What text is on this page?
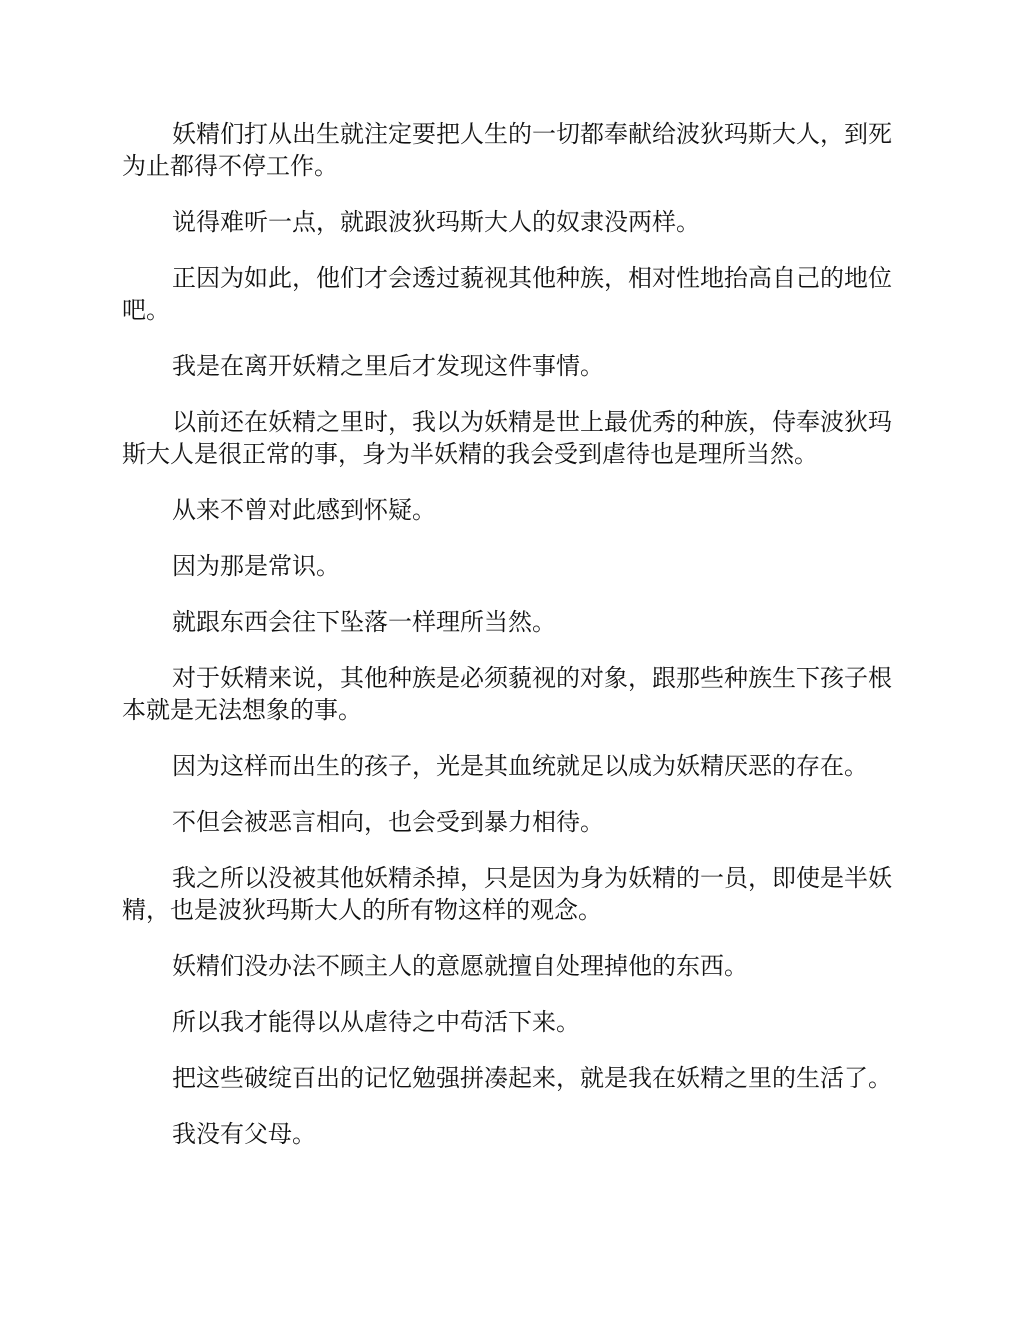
妖精们打从出生就注定要把人生的一切都奉献给波狄玛斯大人，到死为止都得不停工作。

说得难听一点，就跟波狄玛斯大人的奴隶没两样。

正因为如此，他们才会透过藐视其他种族，相对性地抬高自己的地位吧。

我是在离开妖精之里后才发现这件事情。

以前还在妖精之里时，我以为妖精是世上最优秀的种族，侍奉波狄玛斯大人是很正常的事，身为半妖精的我会受到虐待也是理所当然。

从来不曾对此感到怀疑。

因为那是常识。

就跟东西会往下坠落一样理所当然。

对于妖精来说，其他种族是必须藐视的对象，跟那些种族生下孩子根本就是无法想象的事。

因为这样而出生的孩子，光是其血统就足以成为妖精厌恶的存在。

不但会被恶言相向，也会受到暴力相待。

我之所以没被其他妖精杀掉，只是因为身为妖精的一员，即使是半妖精，也是波狄玛斯大人的所有物这样的观念。

妖精们没办法不顾主人的意愿就擅自处理掉他的东西。

所以我才能得以从虐待之中苟活下来。

把这些破绽百出的记忆勉强拼凑起来，就是我在妖精之里的生活了。

我没有父母。
